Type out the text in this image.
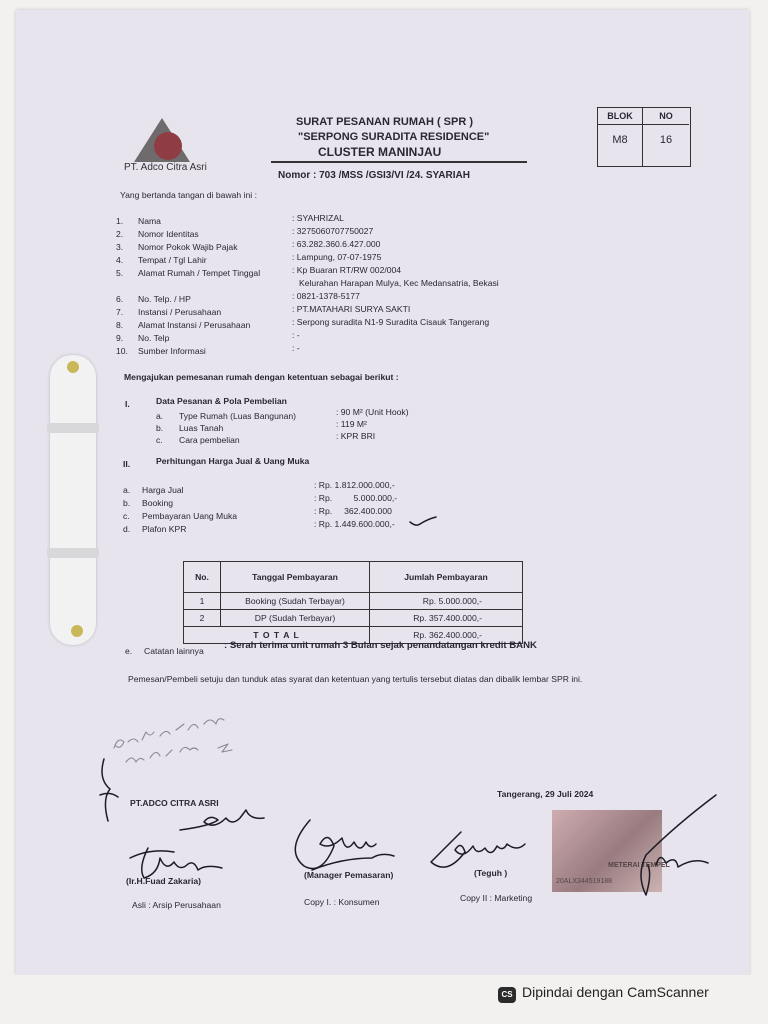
PT. Adco Citra Asri
SURAT PESANAN RUMAH ( SPR )
"SERPONG SURADITA RESIDENCE"
CLUSTER MANINJAU
Nomor : 703 /MSS /GSI3/VI /24. SYARIAH
BLOK	NO
M8	16
Yang bertanda tangan di bawah ini :
1. Nama	: SYAHRIZAL
2. Nomor Identitas	: 3275060707750027
3. Nomor Pokok Wajib Pajak	: 63.282.360.6.427.000
4. Tempat / Tgl Lahir	: Lampung, 07-07-1975
5. Alamat Rumah / Tempet Tinggal	: Kp Buaran RT/RW 002/004
Kelurahan Harapan Mulya, Kec Medansatria, Bekasi
6. No. Telp. / HP	: 0821-1378-5177
7. Instansi / Perusahaan	: PT.MATAHARI SURYA SAKTI
8. Alamat Instansi / Perusahaan	: Serpong suradita N1-9 Suradita Cisauk Tangerang
9. No. Telp	: -
10. Sumber Informasi	: -
Mengajukan pemesanan rumah dengan ketentuan sebagai berikut :
I.	Data Pesanan & Pola Pembelian
a. Type Rumah (Luas Bangunan)	: 90 M² (Unit Hook)
b. Luas Tanah	: 119 M²
c. Cara pembelian	: KPR BRI
II.	Perhitungan Harga Jual & Uang Muka
a. Harga Jual	: Rp. 1.812.000.000,-
b. Booking	: Rp.         5.000.000,-
c. Pembayaran Uang Muka	: Rp.     362.400.000
d. Plafon KPR	: Rp. 1.449.600.000,-
No.	Tanggal Pembayaran	Jumlah Pembayaran
1	Booking (Sudah Terbayar)	Rp. 5.000.000,-
2	DP (Sudah Terbayar)	Rp. 357.400.000,-
T O T A L		Rp. 362.400.000,-
e. Catatan lainnya : Serah terima unit rumah 3 Bulan sejak penandatangan kredit BANK
Pemesan/Pembeli setuju dan tunduk atas syarat dan ketentuan yang tertulis tersebut diatas dan dibalik lembar SPR ini.
Tangerang, 29 Juli 2024
PT.ADCO CITRA ASRI
(Ir.H.Fuad Zakaria)
(Manager Pemasaran)	(Teguh )
METERAI TEMPEL
20ALX344519188
Asli : Arsip Perusahaan	Copy I. : Konsumen	Copy II : Marketing
CS Dipindai dengan CamScanner
